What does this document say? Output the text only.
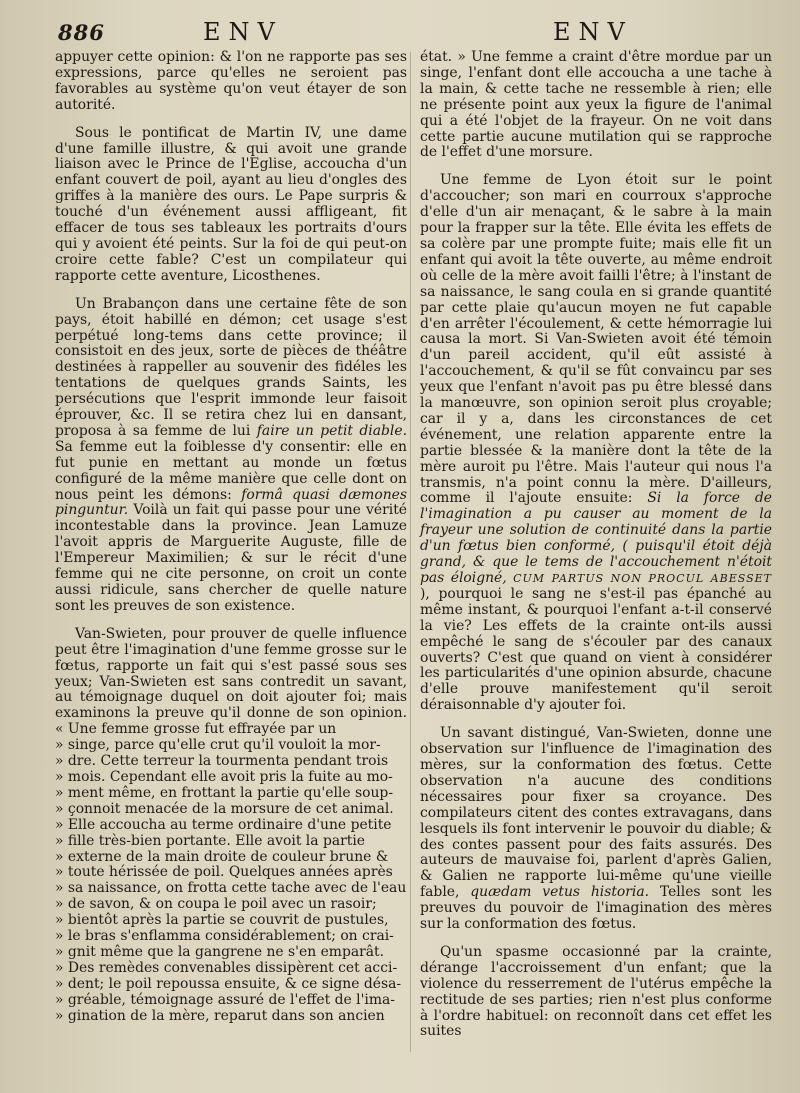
886	ENV	ENV

appuyer cette opinion: & l'on ne rapporte pas ses expressions, parce qu'elles ne seroient pas favorables au système qu'on veut étayer de son autorité.

Sous le pontificat de Martin IV, une dame d'une famille illustre, & qui avoit une grande liaison avec le Prince de l'Eglise, accoucha d'un enfant couvert de poil, ayant au lieu d'ongles des griffes à la manière des ours. Le Pape surpris & touché d'un événement aussi affligeant, fit effacer de tous ses tableaux les portraits d'ours qui y avoient été peints. Sur la foi de qui peut-on croire cette fable? C'est un compilateur qui rapporte cette aventure, Licosthenes.

Un Brabançon dans une certaine fête de son pays, étoit habillé en démon; cet usage s'est perpétué long-tems dans cette province; il consistoit en des jeux, sorte de pièces de théâtre destinées à rappeller au souvenir des fidéles les tentations de quelques grands Saints, les persécutions que l'esprit immonde leur faisoit éprouver, &c. Il se retira chez lui en dansant, proposa à sa femme de lui faire un petit diable. Sa femme eut la foiblesse d'y consentir: elle en fut punie en mettant au monde un fœtus configuré de la même manière que celle dont on nous peint les démons: formâ quasi dæmones pinguntur. Voilà un fait qui passe pour une vérité incontestable dans la province. Jean Lamuze l'avoit appris de Marguerite Auguste, fille de l'Empereur Maximilien; & sur le récit d'une femme qui ne cite personne, on croit un conte aussi ridicule, sans chercher de quelle nature sont les preuves de son existence.

Van-Swieten, pour prouver de quelle influence peut être l'imagination d'une femme grosse sur le fœtus, rapporte un fait qui s'est passé sous ses yeux; Van-Swieten est sans contredit un savant, au témoignage duquel on doit ajouter foi; mais examinons la preuve qu'il donne de son opinion. « Une femme grosse fut effrayée par un
» singe, parce qu'elle crut qu'il vouloit la mor-
» dre. Cette terreur la tourmenta pendant trois
» mois. Cependant elle avoit pris la fuite au mo-
» ment même, en frottant la partie qu'elle soup-
» çonnoit menacée de la morsure de cet animal.
» Elle accoucha au terme ordinaire d'une petite
» fille très-bien portante. Elle avoit la partie
» externe de la main droite de couleur brune &
» toute hérissée de poil. Quelques années après
» sa naissance, on frotta cette tache avec de l'eau
» de savon, & on coupa le poil avec un rasoir;
» bientôt après la partie se couvrit de pustules,
» le bras s'enflamma considérablement; on crai-
» gnit même que la gangrene ne s'en emparât.
» Des remèdes convenables dissipèrent cet acci-
» dent; le poil repoussa ensuite, & ce signe désa-
» gréable, témoignage assuré de l'effet de l'ima-
» gination de la mère, reparut dans son ancien

état. » Une femme a craint d'être mordue par un singe, l'enfant dont elle accoucha a une tache à la main, & cette tache ne ressemble à rien; elle ne présente point aux yeux la figure de l'animal qui a été l'objet de la frayeur. On ne voit dans cette partie aucune mutilation qui se rapproche de l'effet d'une morsure.

Une femme de Lyon étoit sur le point d'accoucher; son mari en courroux s'approche d'elle d'un air menaçant, & le sabre à la main pour la frapper sur la tête. Elle évita les effets de sa colère par une prompte fuite; mais elle fit un enfant qui avoit la tête ouverte, au même endroit où celle de la mère avoit failli l'être; à l'instant de sa naissance, le sang coula en si grande quantité par cette plaie qu'aucun moyen ne fut capable d'en arrêter l'écoulement, & cette hémorragie lui causa la mort. Si Van-Swieten avoit été témoin d'un pareil accident, qu'il eût assisté à l'accouchement, & qu'il se fût convaincu par ses yeux que l'enfant n'avoit pas pu être blessé dans la manœuvre, son opinion seroit plus croyable; car il y a, dans les circonstances de cet événement, une relation apparente entre la partie blessée & la manière dont la tête de la mère auroit pu l'être. Mais l'auteur qui nous l'a transmis, n'a point connu la mère. D'ailleurs, comme il l'ajoute ensuite: Si la force de l'imagination a pu causer au moment de la frayeur une solution de continuité dans la partie d'un fœtus bien conformé, ( puisqu'il étoit déjà grand, & que le tems de l'accouchement n'étoit pas éloigné, CUM PARTUS NON PROCUL ABESSET ), pourquoi le sang ne s'est-il pas épanché au même instant, & pourquoi l'enfant a-t-il conservé la vie? Les effets de la crainte ont-ils aussi empêché le sang de s'écouler par des canaux ouverts? C'est que quand on vient à considérer les particularités d'une opinion absurde, chacune d'elle prouve manifestement qu'il seroit déraisonnable d'y ajouter foi.

Un savant distingué, Van-Swieten, donne une observation sur l'influence de l'imagination des mères, sur la conformation des fœtus. Cette observation n'a aucune des conditions nécessaires pour fixer sa croyance. Des compilateurs citent des contes extravagans, dans lesquels ils font intervenir le pouvoir du diable; & des contes passent pour des faits assurés. Des auteurs de mauvaise foi, parlent d'après Galien, & Galien ne rapporte lui-même qu'une vieille fable, quædam vetus historia. Telles sont les preuves du pouvoir de l'imagination des mères sur la conformation des fœtus.

Qu'un spasme occasionné par la crainte, dérange l'accroissement d'un enfant; que la violence du resserrement de l'utérus empêche la rectitude de ses parties; rien n'est plus conforme à l'ordre habituel: on reconnoît dans cet effet les suites
